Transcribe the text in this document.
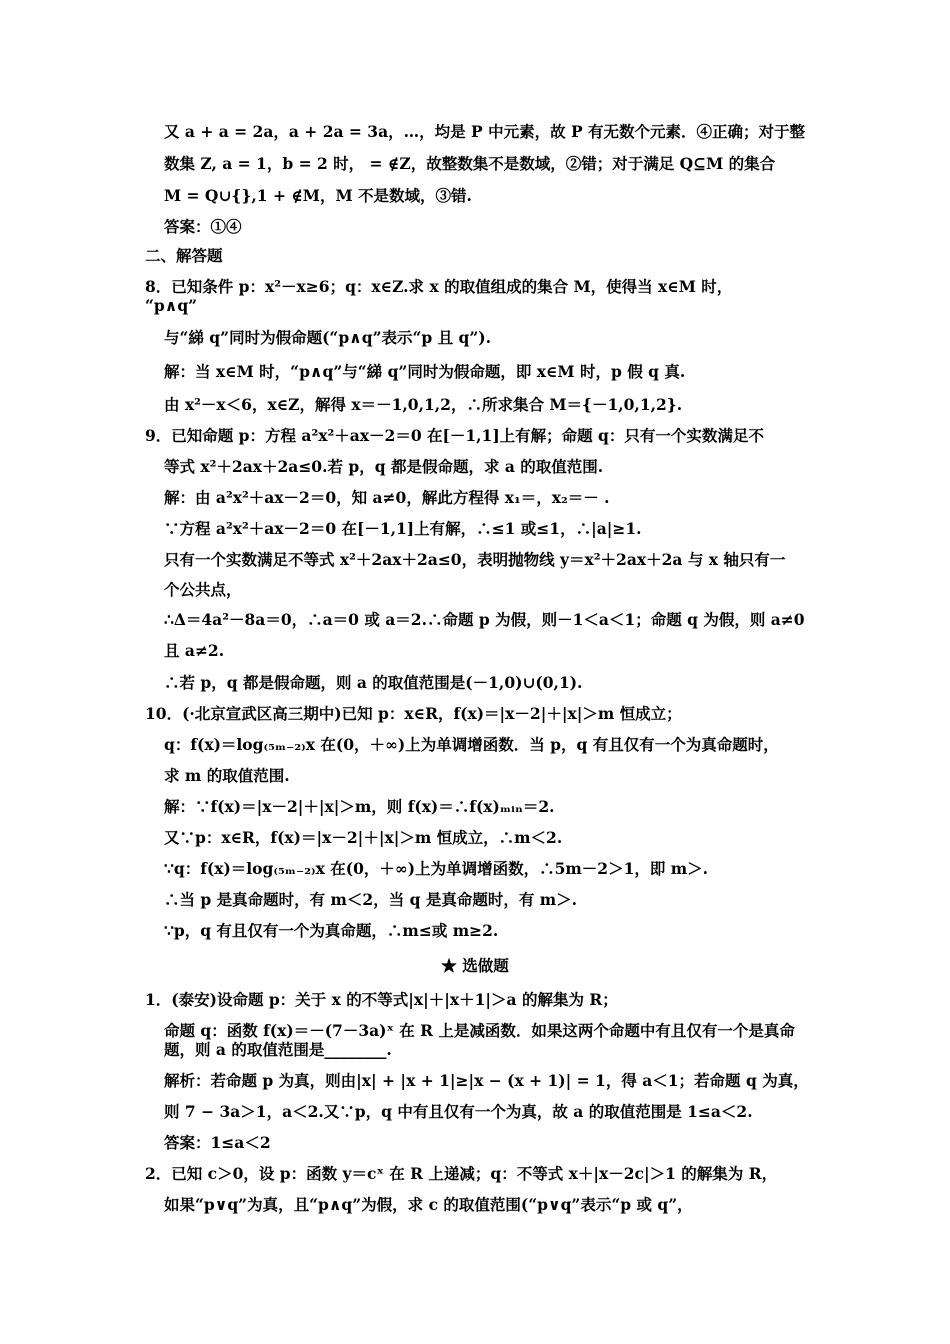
又 a + a = 2a，a + 2a = 3a，…，均是 P 中元素，故 P 有无数个元素．④正确；对于整
数集 Z, a = 1，b = 2 时， = ∉Z，故整数集不是数域，②错；对于满足 Q⊆M 的集合
M = Q∪{},1 + ∉M，M 不是数域，③错.
答案：①④
二、解答题
8．已知条件 p：x²－x≥6；q：x∈Z.求 x 的取值组成的集合 M，使得当 x∈M 时，
“p∧q”
与“綈 q”同时为假命题(“p∧q”表示“p 且 q”).
解：当 x∈M 时，“p∧q”与“綈 q”同时为假命题，即 x∈M 时，p 假 q 真.
由 x²－x＜6，x∈Z，解得 x＝－1,0,1,2，∴所求集合 M＝{－1,0,1,2}.
9．已知命题 p：方程 a²x²＋ax－2＝0 在[－1,1]上有解；命题 q：只有一个实数满足不
等式 x²＋2ax＋2a≤0.若 p，q 都是假命题，求 a 的取值范围.
解：由 a²x²＋ax－2＝0，知 a≠0，解此方程得 x₁＝，x₂＝－ .
∵方程 a²x²＋ax－2＝0 在[－1,1]上有解，∴≤1 或≤1，∴|a|≥1.
只有一个实数满足不等式 x²＋2ax＋2a≤0，表明抛物线 y＝x²＋2ax＋2a 与 x 轴只有一
个公共点，
∴Δ＝4a²－8a＝0，∴a＝0 或 a＝2.∴命题 p 为假，则－1＜a＜1；命题 q 为假，则 a≠0
且 a≠2.
∴若 p，q 都是假命题，则 a 的取值范围是(－1,0)∪(0,1).
10．(·北京宣武区高三期中)已知 p：x∈R，f(x)＝|x－2|＋|x|＞m 恒成立；
q：f(x)＝log₍₅ₘ₋₂₎x 在(0，＋∞)上为单调增函数．当 p，q 有且仅有一个为真命题时，
求 m 的取值范围.
解：∵f(x)＝|x－2|＋|x|＞m，则 f(x)＝∴f(x)ₘᵢₙ＝2.
又∵p：x∈R，f(x)＝|x－2|＋|x|＞m 恒成立，∴m＜2.
∵q：f(x)＝log₍₅ₘ₋₂₎x 在(0，＋∞)上为单调增函数，∴5m－2＞1，即 m＞.
∴当 p 是真命题时，有 m＜2，当 q 是真命题时，有 m＞.
∵p，q 有且仅有一个为真命题，∴m≤或 m≥2.
★ 选做题
1．(泰安)设命题 p：关于 x 的不等式|x|＋|x＋1|＞a 的解集为 R；
命题 q：函数 f(x)＝－(7－3a)ˣ 在 R 上是减函数．如果这两个命题中有且仅有一个是真命
题，则 a 的取值范围是________.
解析：若命题 p 为真，则由|x| + |x + 1|≥|x − (x + 1)| = 1，得 a＜1；若命题 q 为真，
则 7 − 3a＞1，a＜2.又∵p，q 中有且仅有一个为真，故 a 的取值范围是 1≤a＜2.
答案：1≤a＜2
2．已知 c＞0，设 p：函数 y＝cˣ 在 R 上递减；q：不等式 x＋|x－2c|＞1 的解集为 R，
如果“p∨q”为真，且“p∧q”为假，求 c 的取值范围(“p∨q”表示“p 或 q”，
